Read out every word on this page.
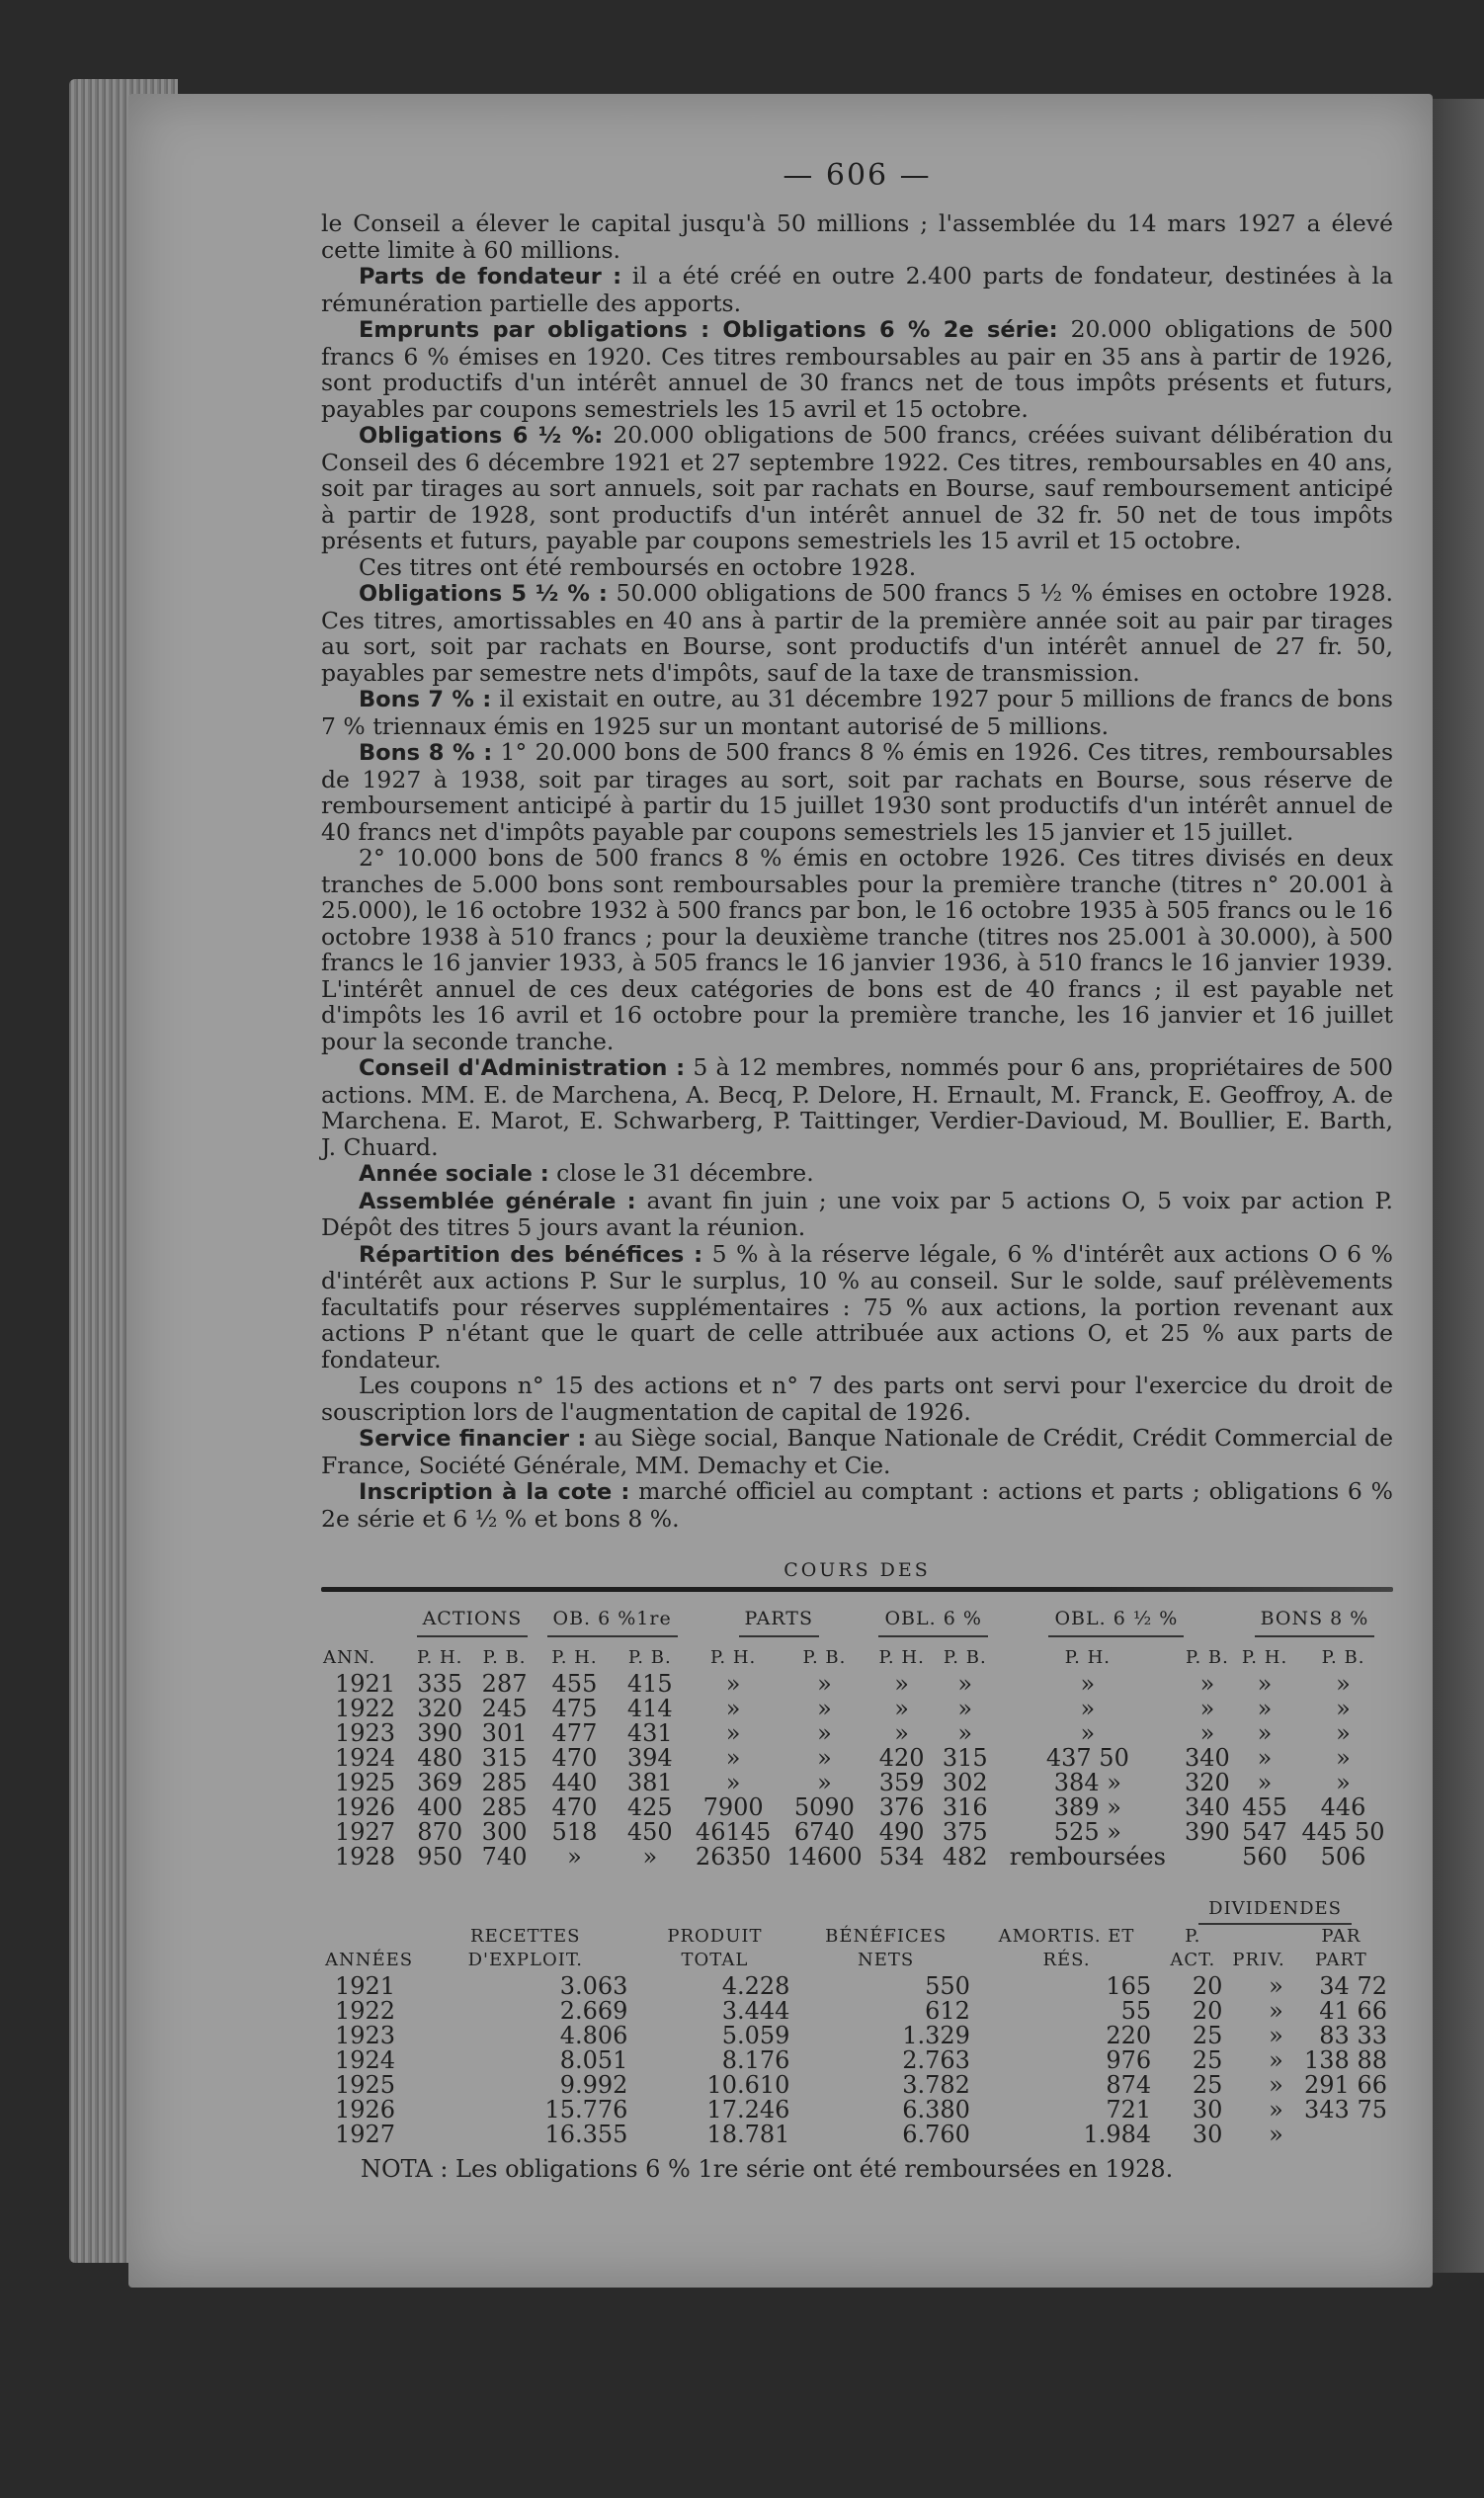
— 606 —

le Conseil a élever le capital jusqu'à 50 millions ; l'assemblée du 14 mars 1927 a élevé cette limite à 60 millions.

Parts de fondateur : il a été créé en outre 2.400 parts de fondateur, destinées à la rémunération partielle des apports.

Emprunts par obligations : Obligations 6 % 2e série: 20.000 obligations de 500 francs 6 % émises en 1920. Ces titres remboursables au pair en 35 ans à partir de 1926, sont productifs d'un intérêt annuel de 30 francs net de tous impôts présents et futurs, payables par coupons semestriels les 15 avril et 15 octobre.

Obligations 6 ½ %: 20.000 obligations de 500 francs, créées suivant délibération du Conseil des 6 décembre 1921 et 27 septembre 1922. Ces titres, remboursables en 40 ans, soit par tirages au sort annuels, soit par rachats en Bourse, sauf remboursement anticipé à partir de 1928, sont productifs d'un intérêt annuel de 32 fr. 50 net de tous impôts présents et futurs, payable par coupons semestriels les 15 avril et 15 octobre.

Ces titres ont été remboursés en octobre 1928.

Obligations 5 ½ % : 50.000 obligations de 500 francs 5 ½ % émises en octobre 1928. Ces titres, amortissables en 40 ans à partir de la première année soit au pair par tirages au sort, soit par rachats en Bourse, sont productifs d'un intérêt annuel de 27 fr. 50, payables par semestre nets d'impôts, sauf de la taxe de transmission.

Bons 7 % : il existait en outre, au 31 décembre 1927 pour 5 millions de francs de bons 7 % triennaux émis en 1925 sur un montant autorisé de 5 millions.

Bons 8 % : 1° 20.000 bons de 500 francs 8 % émis en 1926. Ces titres, remboursables de 1927 à 1938, soit par tirages au sort, soit par rachats en Bourse, sous réserve de remboursement anticipé à partir du 15 juillet 1930 sont productifs d'un intérêt annuel de 40 francs net d'impôts payable par coupons semestriels les 15 janvier et 15 juillet.

2° 10.000 bons de 500 francs 8 % émis en octobre 1926. Ces titres divisés en deux tranches de 5.000 bons sont remboursables pour la première tranche (titres n° 20.001 à 25.000), le 16 octobre 1932 à 500 francs par bon, le 16 octobre 1935 à 505 francs ou le 16 octobre 1938 à 510 francs ; pour la deuxième tranche (titres nos 25.001 à 30.000), à 500 francs le 16 janvier 1933, à 505 francs le 16 janvier 1936, à 510 francs le 16 janvier 1939. L'intérêt annuel de ces deux catégories de bons est de 40 francs ; il est payable net d'impôts les 16 avril et 16 octobre pour la première tranche, les 16 janvier et 16 juillet pour la seconde tranche.

Conseil d'Administration : 5 à 12 membres, nommés pour 6 ans, propriétaires de 500 actions. MM. E. de Marchena, A. Becq, P. Delore, H. Ernault, M. Franck, E. Geoffroy, A. de Marchena. E. Marot, E. Schwarberg, P. Taittinger, Verdier-Davioud, M. Boullier, E. Barth, J. Chuard.

Année sociale : close le 31 décembre.

Assemblée générale : avant fin juin ; une voix par 5 actions O, 5 voix par action P. Dépôt des titres 5 jours avant la réunion.

Répartition des bénéfices : 5 % à la réserve légale, 6 % d'intérêt aux actions O 6 % d'intérêt aux actions P. Sur le surplus, 10 % au conseil. Sur le solde, sauf prélèvements facultatifs pour réserves supplémentaires : 75 % aux actions, la portion revenant aux actions P n'étant que le quart de celle attribuée aux actions O, et 25 % aux parts de fondateur.

Les coupons n° 15 des actions et n° 7 des parts ont servi pour l'exercice du droit de souscription lors de l'augmentation de capital de 1926.

Service financier : au Siège social, Banque Nationale de Crédit, Crédit Commercial de France, Société Générale, MM. Demachy et Cie.

Inscription à la cote : marché officiel au comptant : actions et parts ; obligations 6 % 2e série et 6 ½ % et bons 8 %.

COURS DES
	ACTIONS		OB. 6 %1re		PARTS		OBL. 6 %		OBL. 6 ½ %		BONS 8 %	
ANN.	P. H.	P. B.	P. H.	P. B.	P. H.	P. B.	P. H.	P. B.	P. H.	P. B.	P. H.	P. B.
1921	335	287	455	415	»	»	»	»	»	»	»	»
1922	320	245	475	414	»	»	»	»	»	»	»	»
1923	390	301	477	431	»	»	»	»	»	»	»	»
1924	480	315	470	394	»	»	420	315	437 50	340	»	»
1925	369	285	440	381	»	»	359	302	384 »	320	»	»
1926	400	285	470	425	7900	5090	376	316	389 »	340	455	446
1927	870	300	518	450	46145	6740	490	375	525 »	390	547	445 50
1928	950	740	»	»	26350	14600	534	482	remboursées		560	506
ANNÉES	RECETTES D'EXPLOIT.	PRODUIT TOTAL	BÉNÉFICES NETS	AMORTIS. ET RÉS.	DIVIDENDES		
					P. ACT.	PRIV.	PAR PART
1921	3.063	4.228	550	165	20	»	34 72
1922	2.669	3.444	612	55	20	»	41 66
1923	4.806	5.059	1.329	220	25	»	83 33
1924	8.051	8.176	2.763	976	25	»	138 88
1925	9.992	10.610	3.782	874	25	»	291 66
1926	15.776	17.246	6.380	721	30	»	343 75
1927	16.355	18.781	6.760	1.984	30	»	
NOTA : Les obligations 6 % 1re série ont été remboursées en 1928.
